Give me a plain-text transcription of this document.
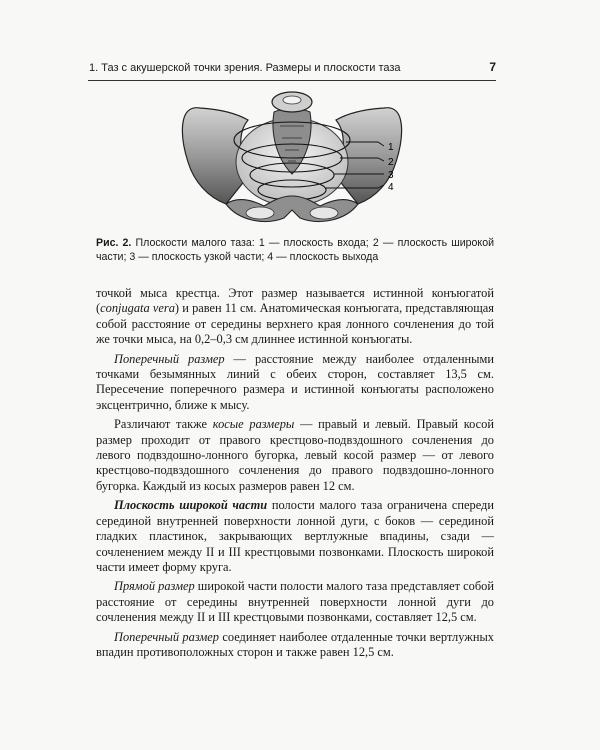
1. Таз с акушерской точки зрения. Размеры и плоскости таза	7
1
2
3
4
Рис. 2. Плоскости малого таза: 1 — плоскость входа; 2 — плоскость широкой части; 3 — плоскость узкой части; 4 — плоскость выхода

точкой мыса крестца. Этот размер называется истинной конъюгатой (conjugata vera) и равен 11 см. Анатомическая конъюгата, представляющая собой расстояние от середины верхнего края лонного сочленения до той же точки мыса, на 0,2–0,3 см длиннее истинной конъюгаты.

Поперечный размер — расстояние между наиболее отдаленными точками безымянных линий с обеих сторон, составляет 13,5 см. Пересечение поперечного размера и истинной конъюгаты расположено эксцентрично, ближе к мысу.

Различают также косые размеры — правый и левый. Правый косой размер проходит от правого крестцово-подвздошного сочленения до левого подвздошно-лонного бугорка, левый косой размер — от левого крестцово-подвздошного сочленения до правого подвздошно-лонного бугорка. Каждый из косых размеров равен 12 см.

Плоскость широкой части полости малого таза ограничена спереди серединой внутренней поверхности лонной дуги, с боков — серединой гладких пластинок, закрывающих вертлужные впадины, сзади — сочленением между II и III крестцовыми позвонками. Плоскость широкой части имеет форму круга.

Прямой размер широкой части полости малого таза представляет собой расстояние от середины внутренней поверхности лонной дуги до сочленения между II и III крестцовыми позвонками, составляет 12,5 см.

Поперечный размер соединяет наиболее отдаленные точки вертлужных впадин противоположных сторон и также равен 12,5 см.
